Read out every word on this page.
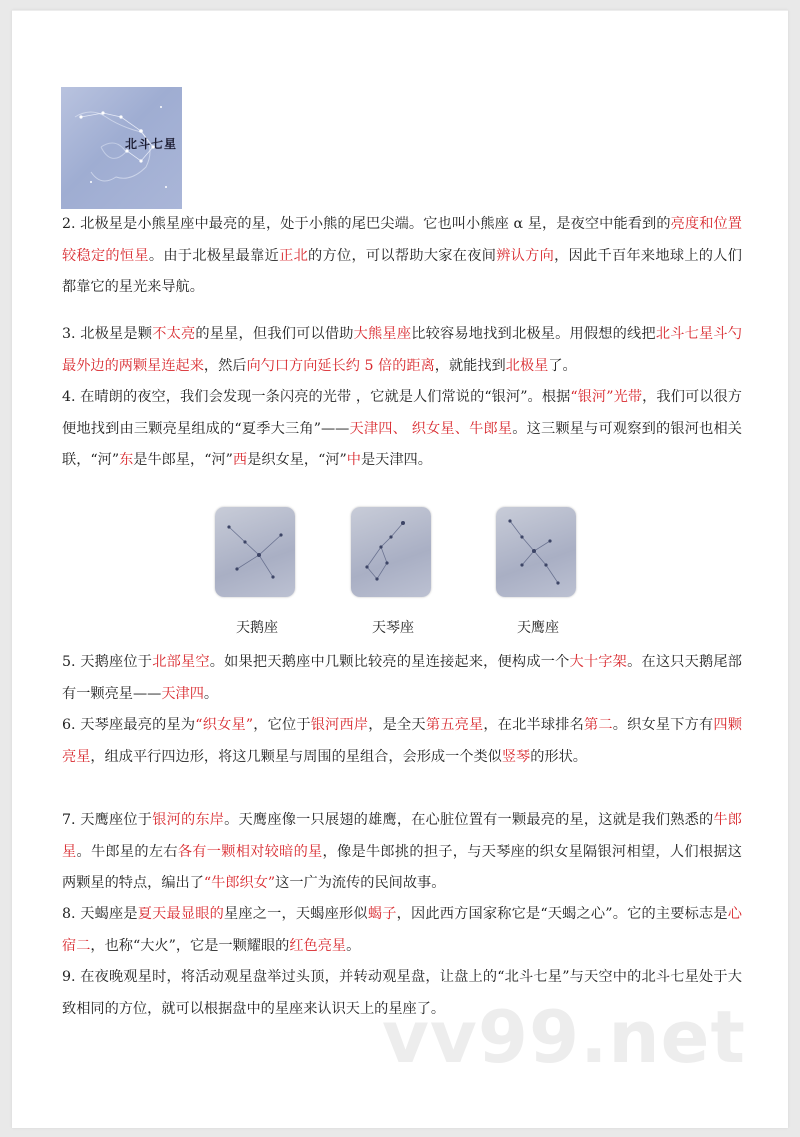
北斗七星
2. 北极星是小熊星座中最亮的星，处于小熊的尾巴尖端。它也叫小熊座 α 星，是夜空中能看到的亮度和位置较稳定的恒星。由于北极星最靠近正北的方位，可以帮助大家在夜间辨认方向，因此千百年来地球上的人们都靠它的星光来导航。
3. 北极星是颗不太亮的星星，但我们可以借助大熊星座比较容易地找到北极星。用假想的线把北斗七星斗勺最外边的两颗星连起来，然后向勺口方向延长约 5 倍的距离，就能找到北极星了。
4. 在晴朗的夜空，我们会发现一条闪亮的光带 ，它就是人们常说的“银河”。根据“银河”光带，我们可以很方便地找到由三颗亮星组成的“夏季大三角”——天津四、 织女星、牛郎星。这三颗星与可观察到的银河也相关联，“河”东是牛郎星，“河”西是织女星，“河”中是天津四。
天鹅座	天琴座	天鹰座
5. 天鹅座位于北部星空。如果把天鹅座中几颗比较亮的星连接起来，便构成一个大十字架。在这只天鹅尾部有一颗亮星——天津四。
6. 天琴座最亮的星为“织女星”，它位于银河西岸，是全天第五亮星，在北半球排名第二。织女星下方有四颗亮星，组成平行四边形，将这几颗星与周围的星组合，会形成一个类似竖琴的形状。
7. 天鹰座位于银河的东岸。天鹰座像一只展翅的雄鹰，在心脏位置有一颗最亮的星，这就是我们熟悉的牛郎星。牛郎星的左右各有一颗相对较暗的星，像是牛郎挑的担子，与天琴座的织女星隔银河相望，人们根据这两颗星的特点，编出了“牛郎织女”这一广为流传的民间故事。
8. 天蝎座是夏天最显眼的星座之一，天蝎座形似蝎子，因此西方国家称它是“天蝎之心”。它的主要标志是心宿二，也称“大火”，它是一颗耀眼的红色亮星。
9. 在夜晚观星时，将活动观星盘举过头顶，并转动观星盘，让盘上的“北斗七星”与天空中的北斗七星处于大致相同的方位，就可以根据盘中的星座来认识天上的星座了。
vv99.net
